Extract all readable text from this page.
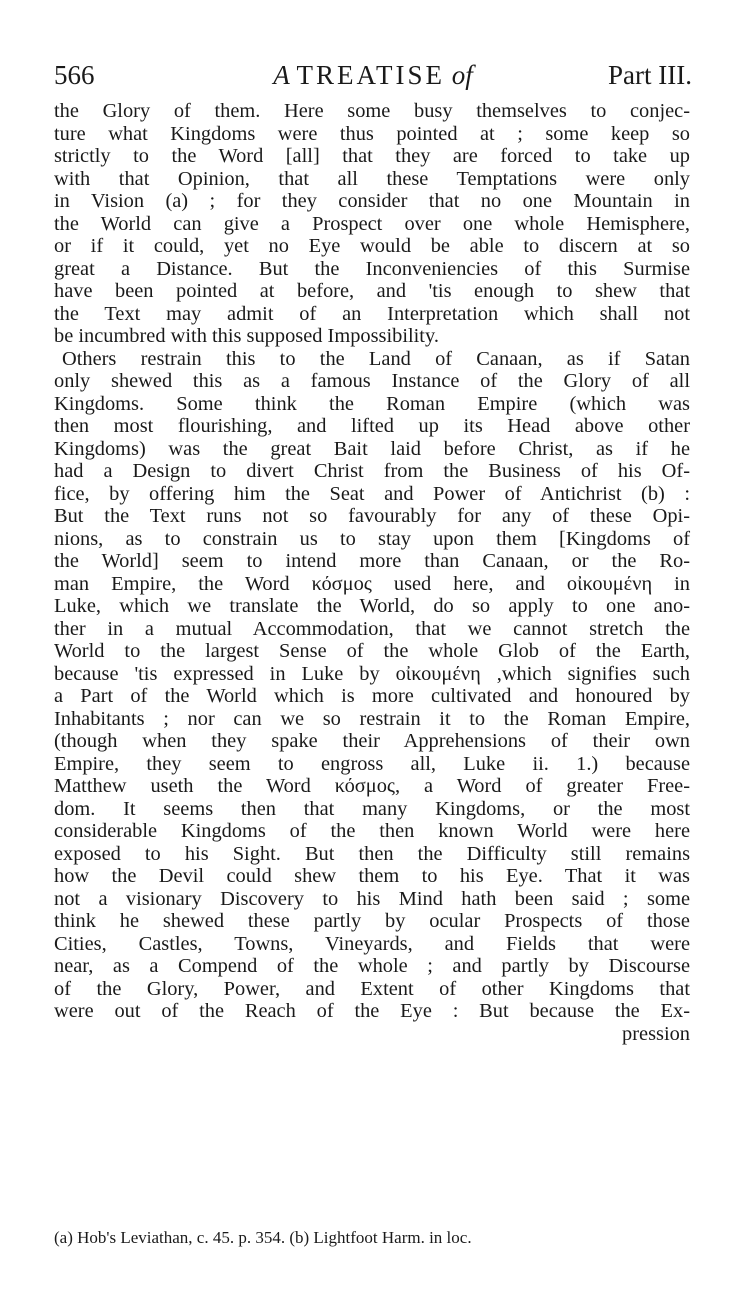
566	A TREATISE of	Part III.
the Glory of them. Here some busy themselves to conjec-
ture what Kingdoms were thus pointed at ; some keep so
strictly to the Word [all] that they are forced to take up
with that Opinion, that all these Temptations were only
in Vision (a) ; for they consider that no one Mountain in
the World can give a Prospect over one whole Hemisphere,
or if it could, yet no Eye would be able to discern at so
great a Distance. But the Inconveniencies of this Surmise
have been pointed at before, and 'tis enough to shew that
the Text may admit of an Interpretation which shall not
be incumbred with this supposed Impossibility.
Others restrain this to the Land of Canaan, as if Satan
only shewed this as a famous Instance of the Glory of all
Kingdoms. Some think the Roman Empire (which was
then most flourishing, and lifted up its Head above other
Kingdoms) was the great Bait laid before Christ, as if he
had a Design to divert Christ from the Business of his Of-
fice, by offering him the Seat and Power of Antichrist (b) :
But the Text runs not so favourably for any of these Opi-
nions, as to constrain us to stay upon them [Kingdoms of
the World] seem to intend more than Canaan, or the Ro-
man Empire, the Word κόσμος used here, and οἰκουμένη in
Luke, which we translate the World, do so apply to one ano-
ther in a mutual Accommodation, that we cannot stretch the
World to the largest Sense of the whole Glob of the Earth,
because 'tis expressed in Luke by οἰκουμένη ,which signifies such
a Part of the World which is more cultivated and honoured by
Inhabitants ; nor can we so restrain it to the Roman Empire,
(though when they spake their Apprehensions of their own
Empire, they seem to engross all, Luke ii. 1.) because
Matthew useth the Word κόσμος, a Word of greater Free-
dom. It seems then that many Kingdoms, or the most
considerable Kingdoms of the then known World were here
exposed to his Sight. But then the Difficulty still remains
how the Devil could shew them to his Eye. That it was
not a visionary Discovery to his Mind hath been said ; some
think he shewed these partly by ocular Prospects of those
Cities, Castles, Towns, Vineyards, and Fields that were
near, as a Compend of the whole ; and partly by Discourse
of the Glory, Power, and Extent of other Kingdoms that
were out of the Reach of the Eye : But because the Ex-
pression
(a) Hob's Leviathan, c. 45. p. 354. (b) Lightfoot Harm. in loc.
